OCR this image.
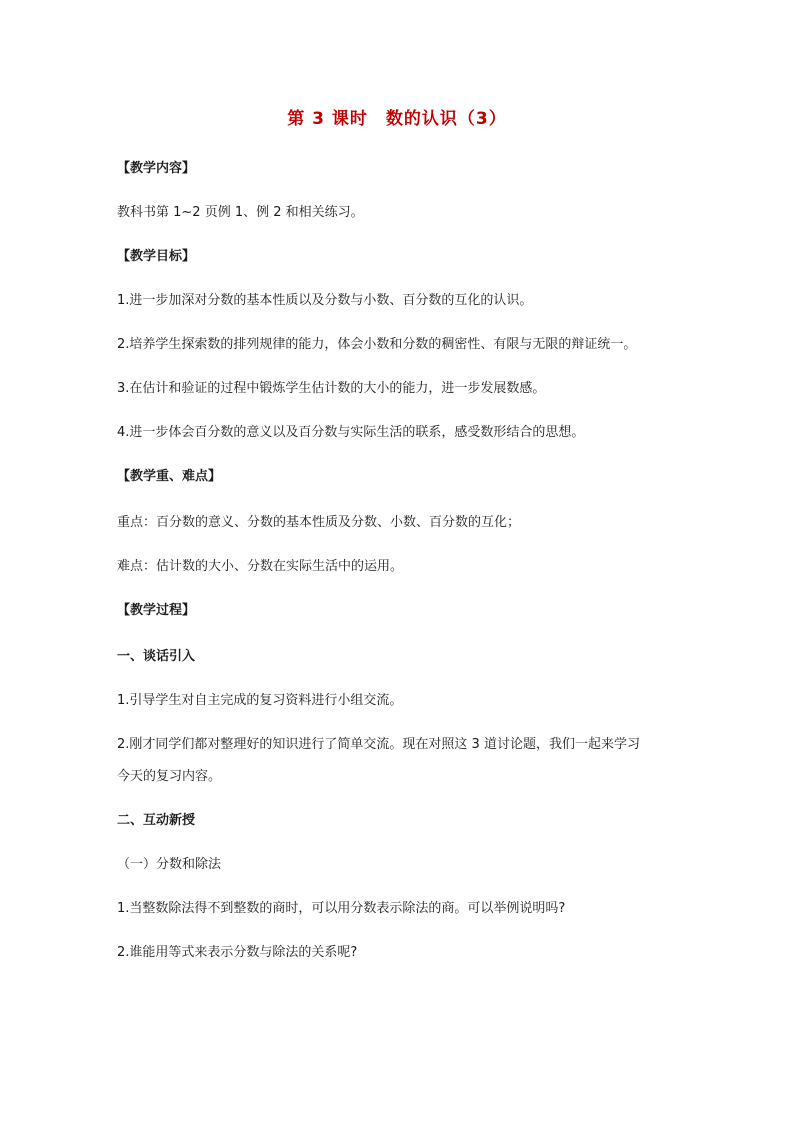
第 3 课时　数的认识（3）
【教学内容】
教科书第 1~2 页例 1、例 2 和相关练习。
【教学目标】
1.进一步加深对分数的基本性质以及分数与小数、百分数的互化的认识。
2.培养学生探索数的排列规律的能力，体会小数和分数的稠密性、有限与无限的辩证统一。
3.在估计和验证的过程中锻炼学生估计数的大小的能力，进一步发展数感。
4.进一步体会百分数的意义以及百分数与实际生活的联系，感受数形结合的思想。
【教学重、难点】
重点：百分数的意义、分数的基本性质及分数、小数、百分数的互化；
难点：估计数的大小、分数在实际生活中的运用。
【教学过程】
一、谈话引入
1.引导学生对自主完成的复习资料进行小组交流。
2.刚才同学们都对整理好的知识进行了简单交流。现在对照这 3 道讨论题，我们一起来学习
今天的复习内容。
二、互动新授
（一）分数和除法
1.当整数除法得不到整数的商时，可以用分数表示除法的商。可以举例说明吗?
2.谁能用等式来表示分数与除法的关系呢?
